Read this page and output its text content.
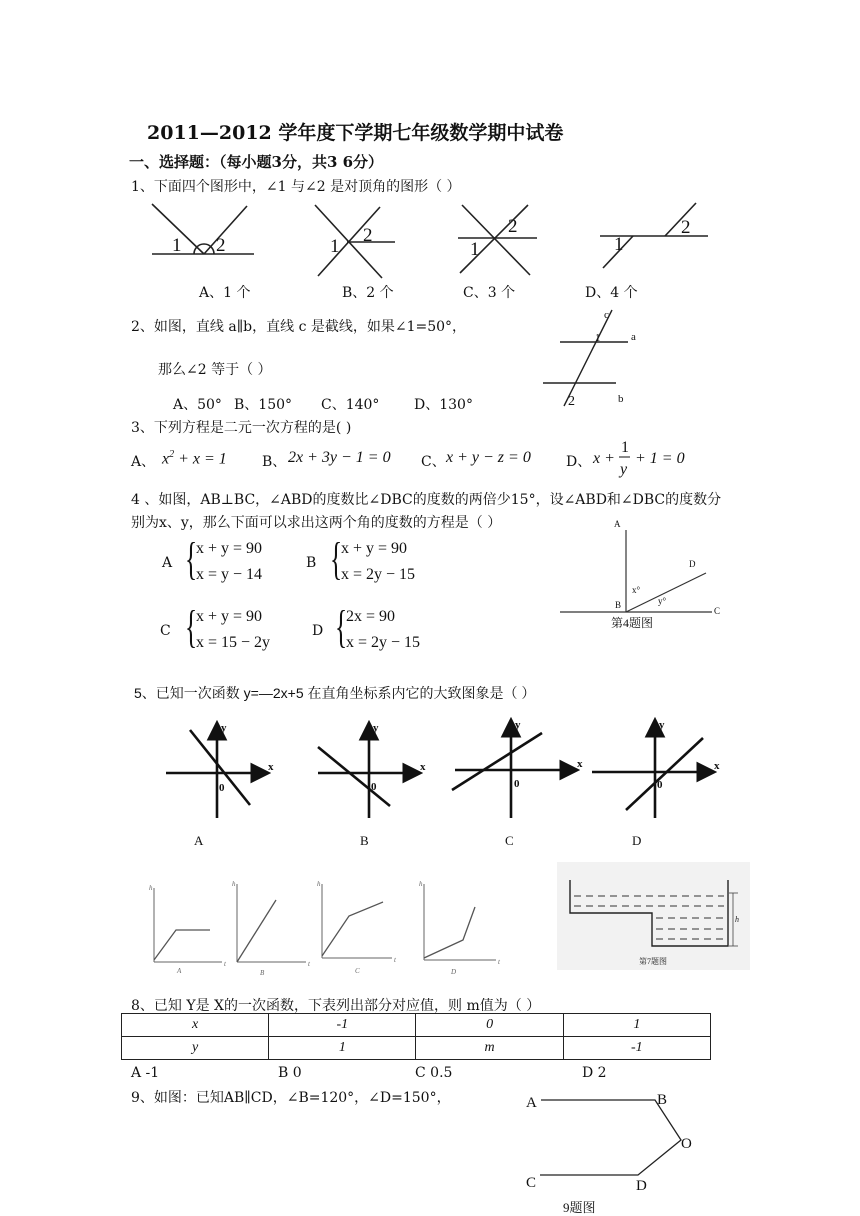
2011—2012 学年度下学期七年级数学期中试卷
一、选择题：（每小题3分，共3 6分）
1、下面四个图形中，∠1 与∠2 是对顶角的图形（ ）
1 2	1
2
1
2
1
2
A、1 个	B、2 个	C、3 个	D、4 个
2、如图，直线 a∥b，直线 c 是截线，如果∠1=50°，
那么∠2 等于（ ）
A、50° B、150° C、140° D、130°
c
a
1
2	b
3、下列方程是二元一次方程的是( )
A、 $x^2 + x = 1$	B、 2x + 3y − 1 = 0 C、 x + y − z = 0	D、 x +
1
y
+ 1 = 0
4 、如图，AB⊥BC，∠ABD的度数比∠DBC的度数的两倍少15°，设∠ABD和∠DBC的度数分
别为x、y，那么下面可以求出这两个角的度数的方程是（ ）
A {
x + y = 90
x = y − 14
B {
x + y = 90
x = 2y − 15
C {
x + y = 90
x = 15 − 2y
D {
2x = 90
x = 2y − 15
A
D
x°
y°
B
C
第4题图
5、已知一次函数 y=—2x+5 在直角坐标系内它的大致图象是（ ）
y
x
0
y
x
0
y
x
0
y
x
0
A	B	C	D
h
t
h
t
h
t
h
t
A	B	C	D
h
第7题图
8、已知 Y是 X的一次函数，下表列出部分对应值，则 m值为（ ）
x	-1	0	1
y	1	m	-1
A -1	B 0	C 0.5	D 2
9、如图：已知AB∥CD，∠B=120°，∠D=150°，	A	B
O
C	D
9题图
